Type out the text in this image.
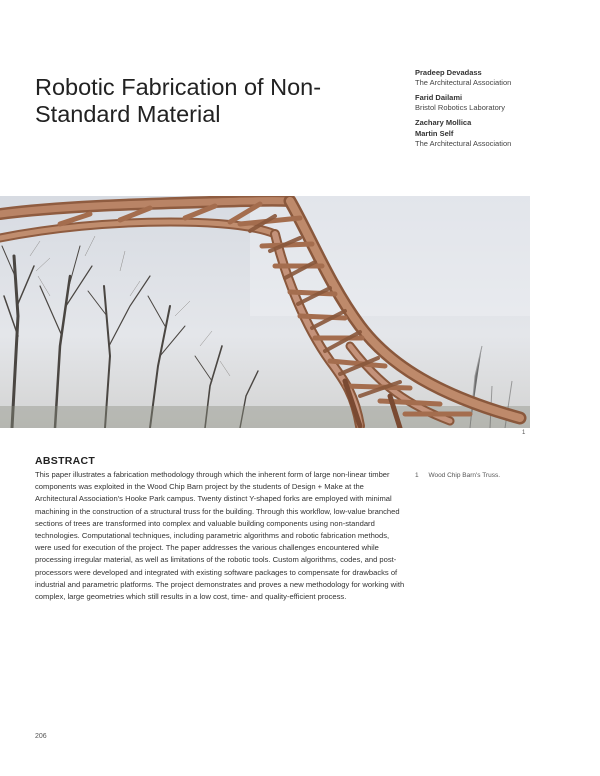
Robotic Fabrication of Non-Standard Material
Pradeep Devadass
The Architectural Association
Farid Dailami
Bristol Robotics Laboratory
Zachary Mollica
Martin Self
The Architectural Association
1
ABSTRACT

This paper illustrates a fabrication methodology through which the inherent form of large non-linear timber components was exploited in the Wood Chip Barn project by the students of Design + Make at the Architectural Association's Hooke Park campus. Twenty distinct Y-shaped forks are employed with minimal machining in the construction of a structural truss for the building. Through this workflow, low-value branched sections of trees are transformed into complex and valuable building components using non-standard technologies. Computational techniques, including parametric algorithms and robotic fabrication methods, were used for execution of the project. The paper addresses the various challenges encountered while processing irregular material, as well as limitations of the robotic tools. Custom algorithms, codes, and post-processors were developed and integrated with existing software packages to compensate for drawbacks of industrial and parametric platforms. The project demonstrates and proves a new methodology for working with complex, large geometries which still results in a low cost, time- and quality-efficient process.

1 Wood Chip Barn's Truss.
206
